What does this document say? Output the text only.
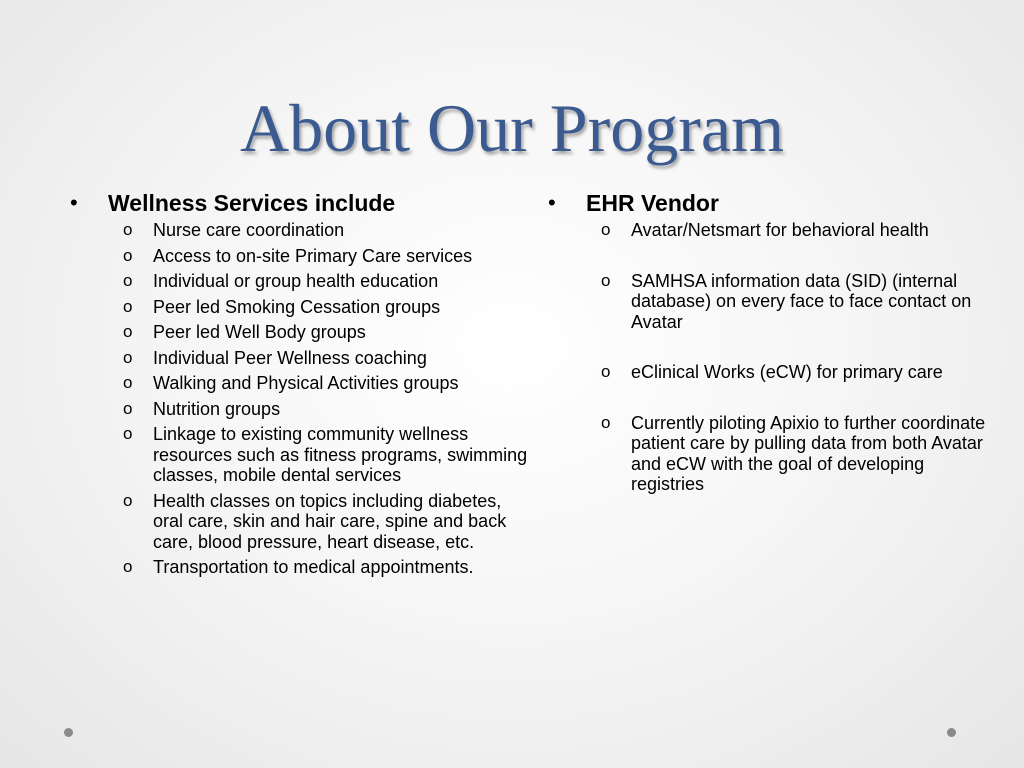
About Our Program
• Wellness Services include
o Nurse care coordination
o Access to on-site Primary Care services
o Individual or group health education
o Peer led Smoking Cessation groups
o Peer led Well Body groups
o Individual Peer Wellness coaching
o Walking and Physical Activities groups
o Nutrition groups
o Linkage to existing community wellness resources such as fitness programs, swimming classes, mobile dental services
o Health classes on topics including diabetes, oral care, skin and hair care, spine and back care, blood pressure, heart disease, etc.
o Transportation to medical appointments.
• EHR Vendor
o Avatar/Netsmart for behavioral health
o SAMHSA information data (SID) (internal database) on every face to face contact on Avatar
o eClinical Works (eCW) for primary care
o Currently piloting Apixio to further coordinate patient care by pulling data from both Avatar and eCW with the goal of developing registries
